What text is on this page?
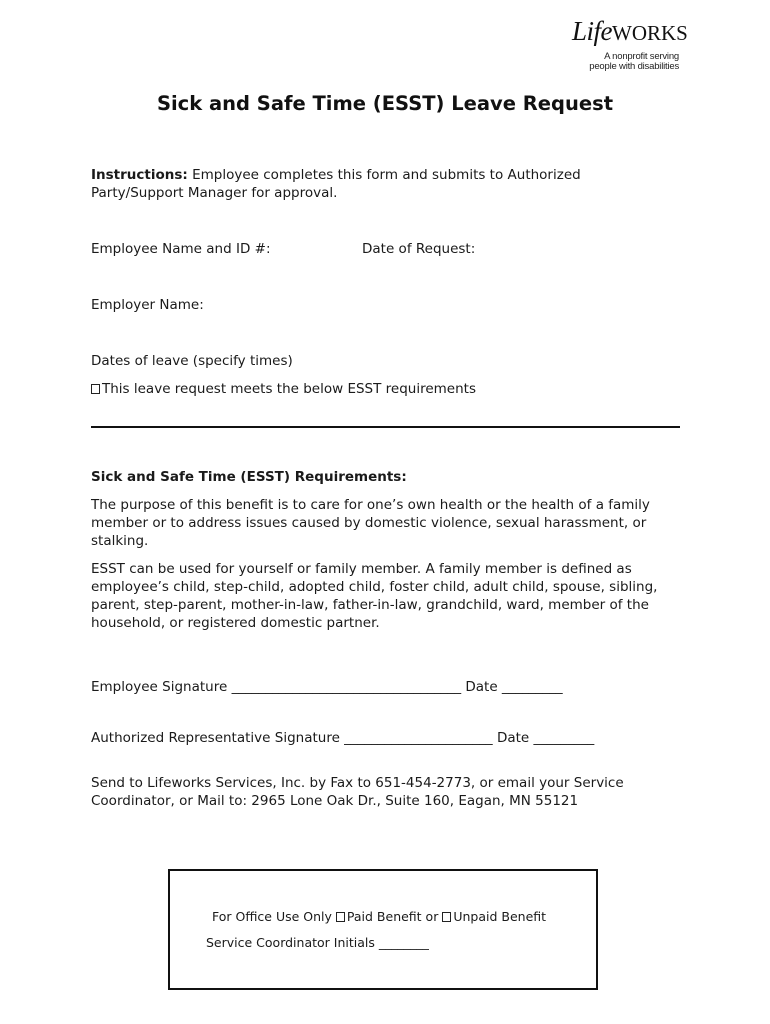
LifeWORKS
A nonprofit serving
people with disabilities
Sick and Safe Time (ESST) Leave Request
Instructions: Employee completes this form and submits to Authorized
Party/Support Manager for approval.
Employee Name and ID #:	Date of Request:
Employer Name:
Dates of leave (specify times)
This leave request meets the below ESST requirements
Sick and Safe Time (ESST) Requirements:
The purpose of this benefit is to care for one’s own health or the health of a family member or to address issues caused by domestic violence, sexual harassment, or stalking.
ESST can be used for yourself or family member. A family member is defined as employee’s child, step-child, adopted child, foster child, adult child, spouse, sibling, parent, step-parent, mother-in-law, father-in-law, grandchild, ward, member of the household, or registered domestic partner.
Employee Signature __________________________________ Date _________
Authorized Representative Signature ______________________ Date _________
Send to Lifeworks Services, Inc. by Fax to 651-454-2773, or email your Service Coordinator, or Mail to: 2965 Lone Oak Dr., Suite 160, Eagan, MN 55121
For Office Use Only Paid Benefit or Unpaid Benefit
Service Coordinator Initials ________
